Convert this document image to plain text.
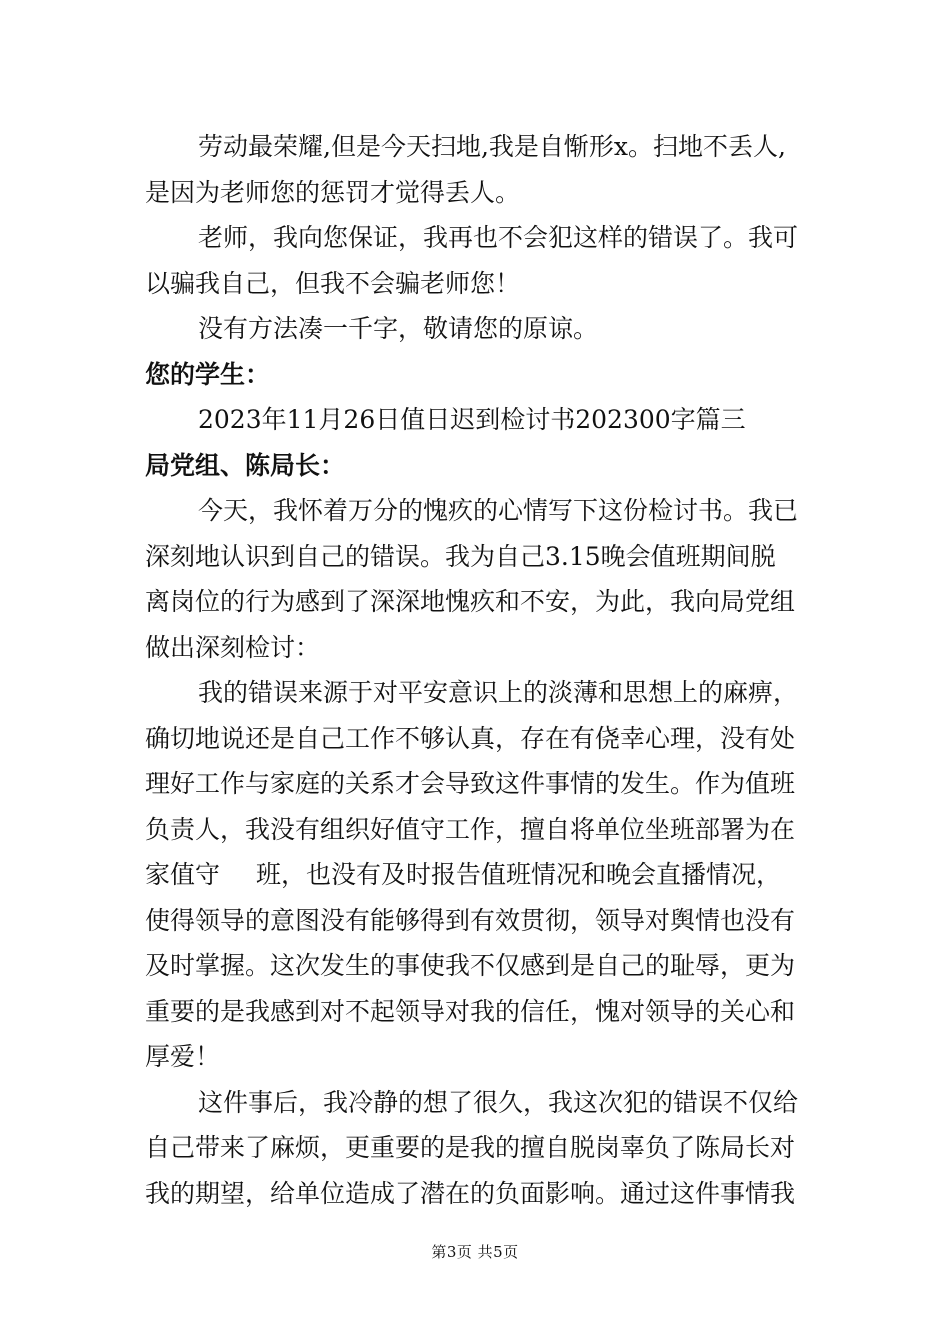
劳动最荣耀,但是今天扫地,我是自惭形x。扫地不丢人,
是因为老师您的惩罚才觉得丢人。
老师，我向您保证，我再也不会犯这样的错误了。我可
以骗我自己，但我不会骗老师您！
没有方法凑一千字，敬请您的原谅。
您的学生：
2023年11月26日值日迟到检讨书202300字篇三
局党组、陈局长：
今天，我怀着万分的愧疚的心情写下这份检讨书。我已
深刻地认识到自己的错误。我为自己3.15晚会值班期间脱
离岗位的行为感到了深深地愧疚和不安，为此，我向局党组
做出深刻检讨：
我的错误来源于对平安意识上的淡薄和思想上的麻痹，
确切地说还是自己工作不够认真，存在有侥幸心理，没有处
理好工作与家庭的关系才会导致这件事情的发生。作为值班
负责人，我没有组织好值守工作，擅自将单位坐班部署为在
家值守 班，也没有及时报告值班情况和晚会直播情况，
使得领导的意图没有能够得到有效贯彻，领导对舆情也没有
及时掌握。这次发生的事使我不仅感到是自己的耻辱，更为
重要的是我感到对不起领导对我的信任，愧对领导的关心和
厚爱！
这件事后，我冷静的想了很久，我这次犯的错误不仅给
自己带来了麻烦，更重要的是我的擅自脱岗辜负了陈局长对
我的期望，给单位造成了潜在的负面影响。通过这件事情我
第3页 共5页
